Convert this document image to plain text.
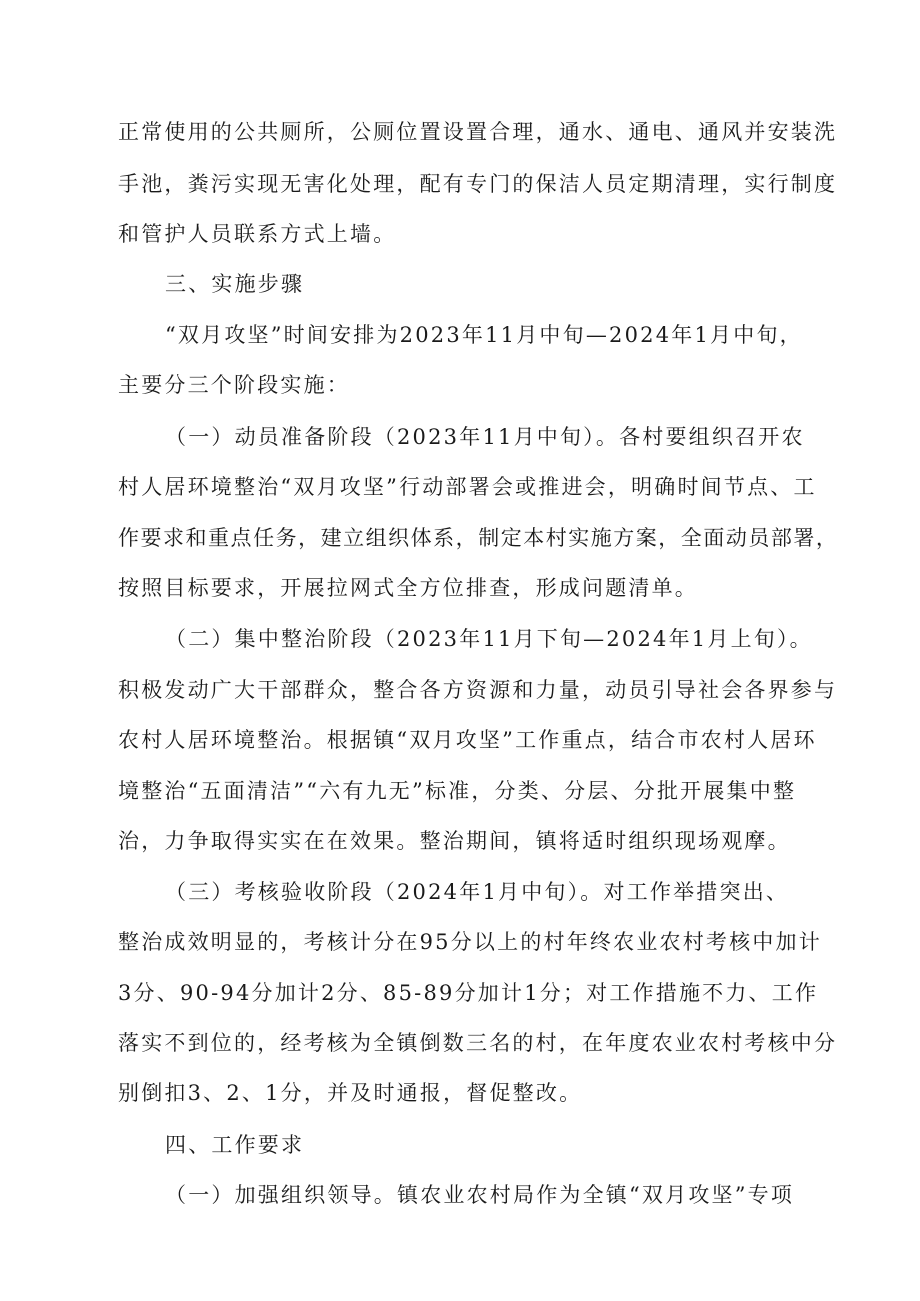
正常使用的公共厕所，公厕位置设置合理，通水、通电、通风并安装洗
手池，粪污实现无害化处理，配有专门的保洁人员定期清理，实行制度
和管护人员联系方式上墙。
三、实施步骤
“双月攻坚”时间安排为2023年11月中旬—2024年1月中旬，
主要分三个阶段实施：
（一）动员准备阶段（2023年11月中旬）。各村要组织召开农
村人居环境整治“双月攻坚”行动部署会或推进会，明确时间节点、工
作要求和重点任务，建立组织体系，制定本村实施方案，全面动员部署，
按照目标要求，开展拉网式全方位排查，形成问题清单。
（二）集中整治阶段（2023年11月下旬—2024年1月上旬）。
积极发动广大干部群众，整合各方资源和力量，动员引导社会各界参与
农村人居环境整治。根据镇“双月攻坚”工作重点，结合市农村人居环
境整治“五面清洁”“六有九无”标准，分类、分层、分批开展集中整
治，力争取得实实在在效果。整治期间，镇将适时组织现场观摩。
（三）考核验收阶段（2024年1月中旬）。对工作举措突出、
整治成效明显的，考核计分在95分以上的村年终农业农村考核中加计
3分、90-94分加计2分、85-89分加计1分；对工作措施不力、工作
落实不到位的，经考核为全镇倒数三名的村，在年度农业农村考核中分
别倒扣3、2、1分，并及时通报，督促整改。
四、工作要求
（一）加强组织领导。镇农业农村局作为全镇“双月攻坚”专项
